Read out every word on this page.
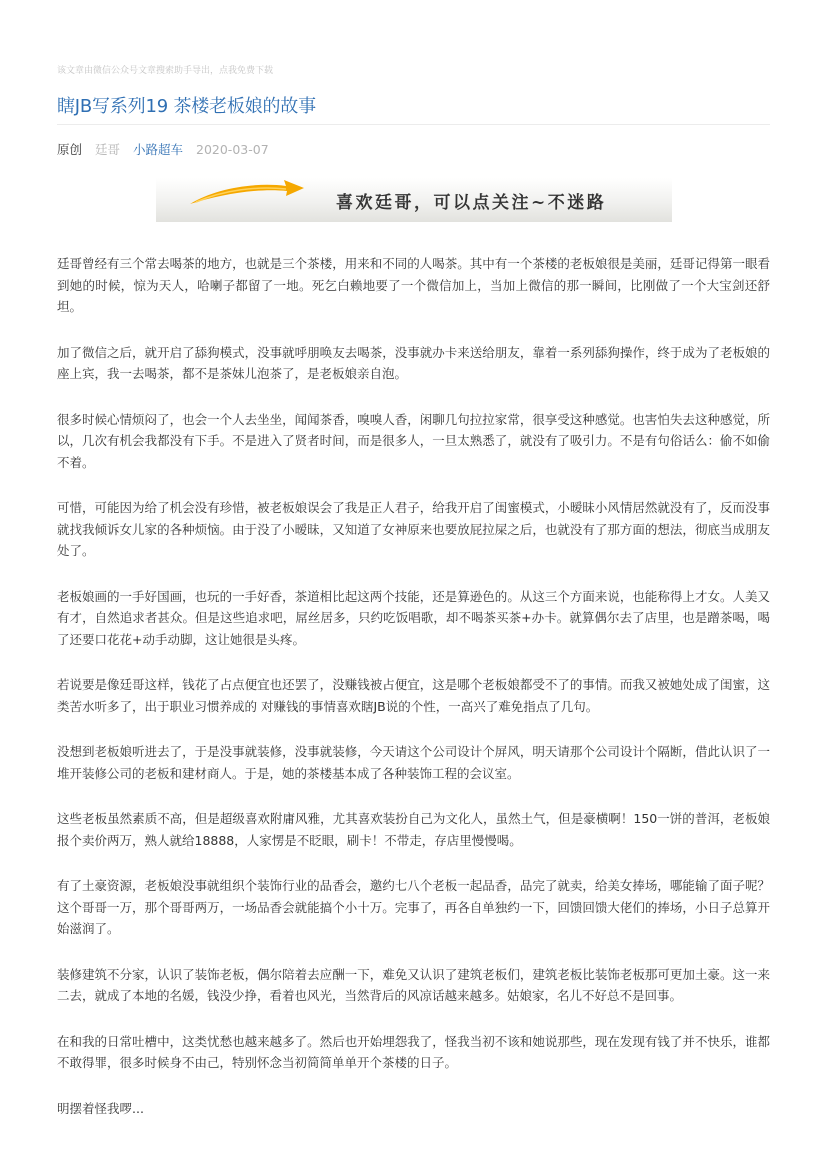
该文章由微信公众号文章搜索助手导出，点我免费下载
瞎JB写系列19 茶楼老板娘的故事
原创 廷哥 小路超车 2020-03-07
喜欢廷哥，可以点关注~不迷路

廷哥曾经有三个常去喝茶的地方，也就是三个茶楼，用来和不同的人喝茶。其中有一个茶楼的老板娘很是美丽，廷哥记得第一眼看到她的时候，惊为天人，哈喇子都留了一地。死乞白赖地要了一个微信加上，当加上微信的那一瞬间，比刚做了一个大宝剑还舒坦。

加了微信之后，就开启了舔狗模式，没事就呼朋唤友去喝茶，没事就办卡来送给朋友，靠着一系列舔狗操作，终于成为了老板娘的座上宾，我一去喝茶，都不是茶妹儿泡茶了，是老板娘亲自泡。

很多时候心情烦闷了，也会一个人去坐坐，闻闻茶香，嗅嗅人香，闲聊几句拉拉家常，很享受这种感觉。也害怕失去这种感觉，所以，几次有机会我都没有下手。不是进入了贤者时间，而是很多人，一旦太熟悉了，就没有了吸引力。不是有句俗话么：偷不如偷不着。

可惜，可能因为给了机会没有珍惜，被老板娘误会了我是正人君子，给我开启了闺蜜模式，小暧昧小风情居然就没有了，反而没事就找我倾诉女儿家的各种烦恼。由于没了小暧昧，又知道了女神原来也要放屁拉屎之后，也就没有了那方面的想法，彻底当成朋友处了。

老板娘画的一手好国画，也玩的一手好香，茶道相比起这两个技能，还是算逊色的。从这三个方面来说，也能称得上才女。人美又有才，自然追求者甚众。但是这些追求吧，屌丝居多，只约吃饭唱歌，却不喝茶买茶+办卡。就算偶尔去了店里，也是蹭茶喝，喝了还要口花花+动手动脚，这让她很是头疼。

若说要是像廷哥这样，钱花了占点便宜也还罢了，没赚钱被占便宜，这是哪个老板娘都受不了的事情。而我又被她处成了闺蜜，这类苦水听多了，出于职业习惯养成的 对赚钱的事情喜欢瞎JB说的个性，一高兴了难免指点了几句。

没想到老板娘听进去了，于是没事就装修，没事就装修，今天请这个公司设计个屏风，明天请那个公司设计个隔断，借此认识了一堆开装修公司的老板和建材商人。于是，她的茶楼基本成了各种装饰工程的会议室。

这些老板虽然素质不高，但是超级喜欢附庸风雅，尤其喜欢装扮自己为文化人，虽然土气，但是豪横啊！150一饼的普洱，老板娘报个卖价两万，熟人就给18888，人家愣是不眨眼，刷卡！不带走，存店里慢慢喝。

有了土豪资源，老板娘没事就组织个装饰行业的品香会，邀约七八个老板一起品香，品完了就卖，给美女捧场，哪能输了面子呢？这个哥哥一万，那个哥哥两万，一场品香会就能搞个小十万。完事了，再各自单独约一下，回馈回馈大佬们的捧场，小日子总算开始滋润了。

装修建筑不分家，认识了装饰老板，偶尔陪着去应酬一下，难免又认识了建筑老板们，建筑老板比装饰老板那可更加土豪。这一来二去，就成了本地的名媛，钱没少挣，看着也风光，当然背后的风凉话越来越多。姑娘家，名儿不好总不是回事。

在和我的日常吐槽中，这类忧愁也越来越多了。然后也开始埋怨我了，怪我当初不该和她说那些，现在发现有钱了并不快乐，谁都不敢得罪，很多时候身不由己，特别怀念当初简简单单开个茶楼的日子。

明摆着怪我啰...
